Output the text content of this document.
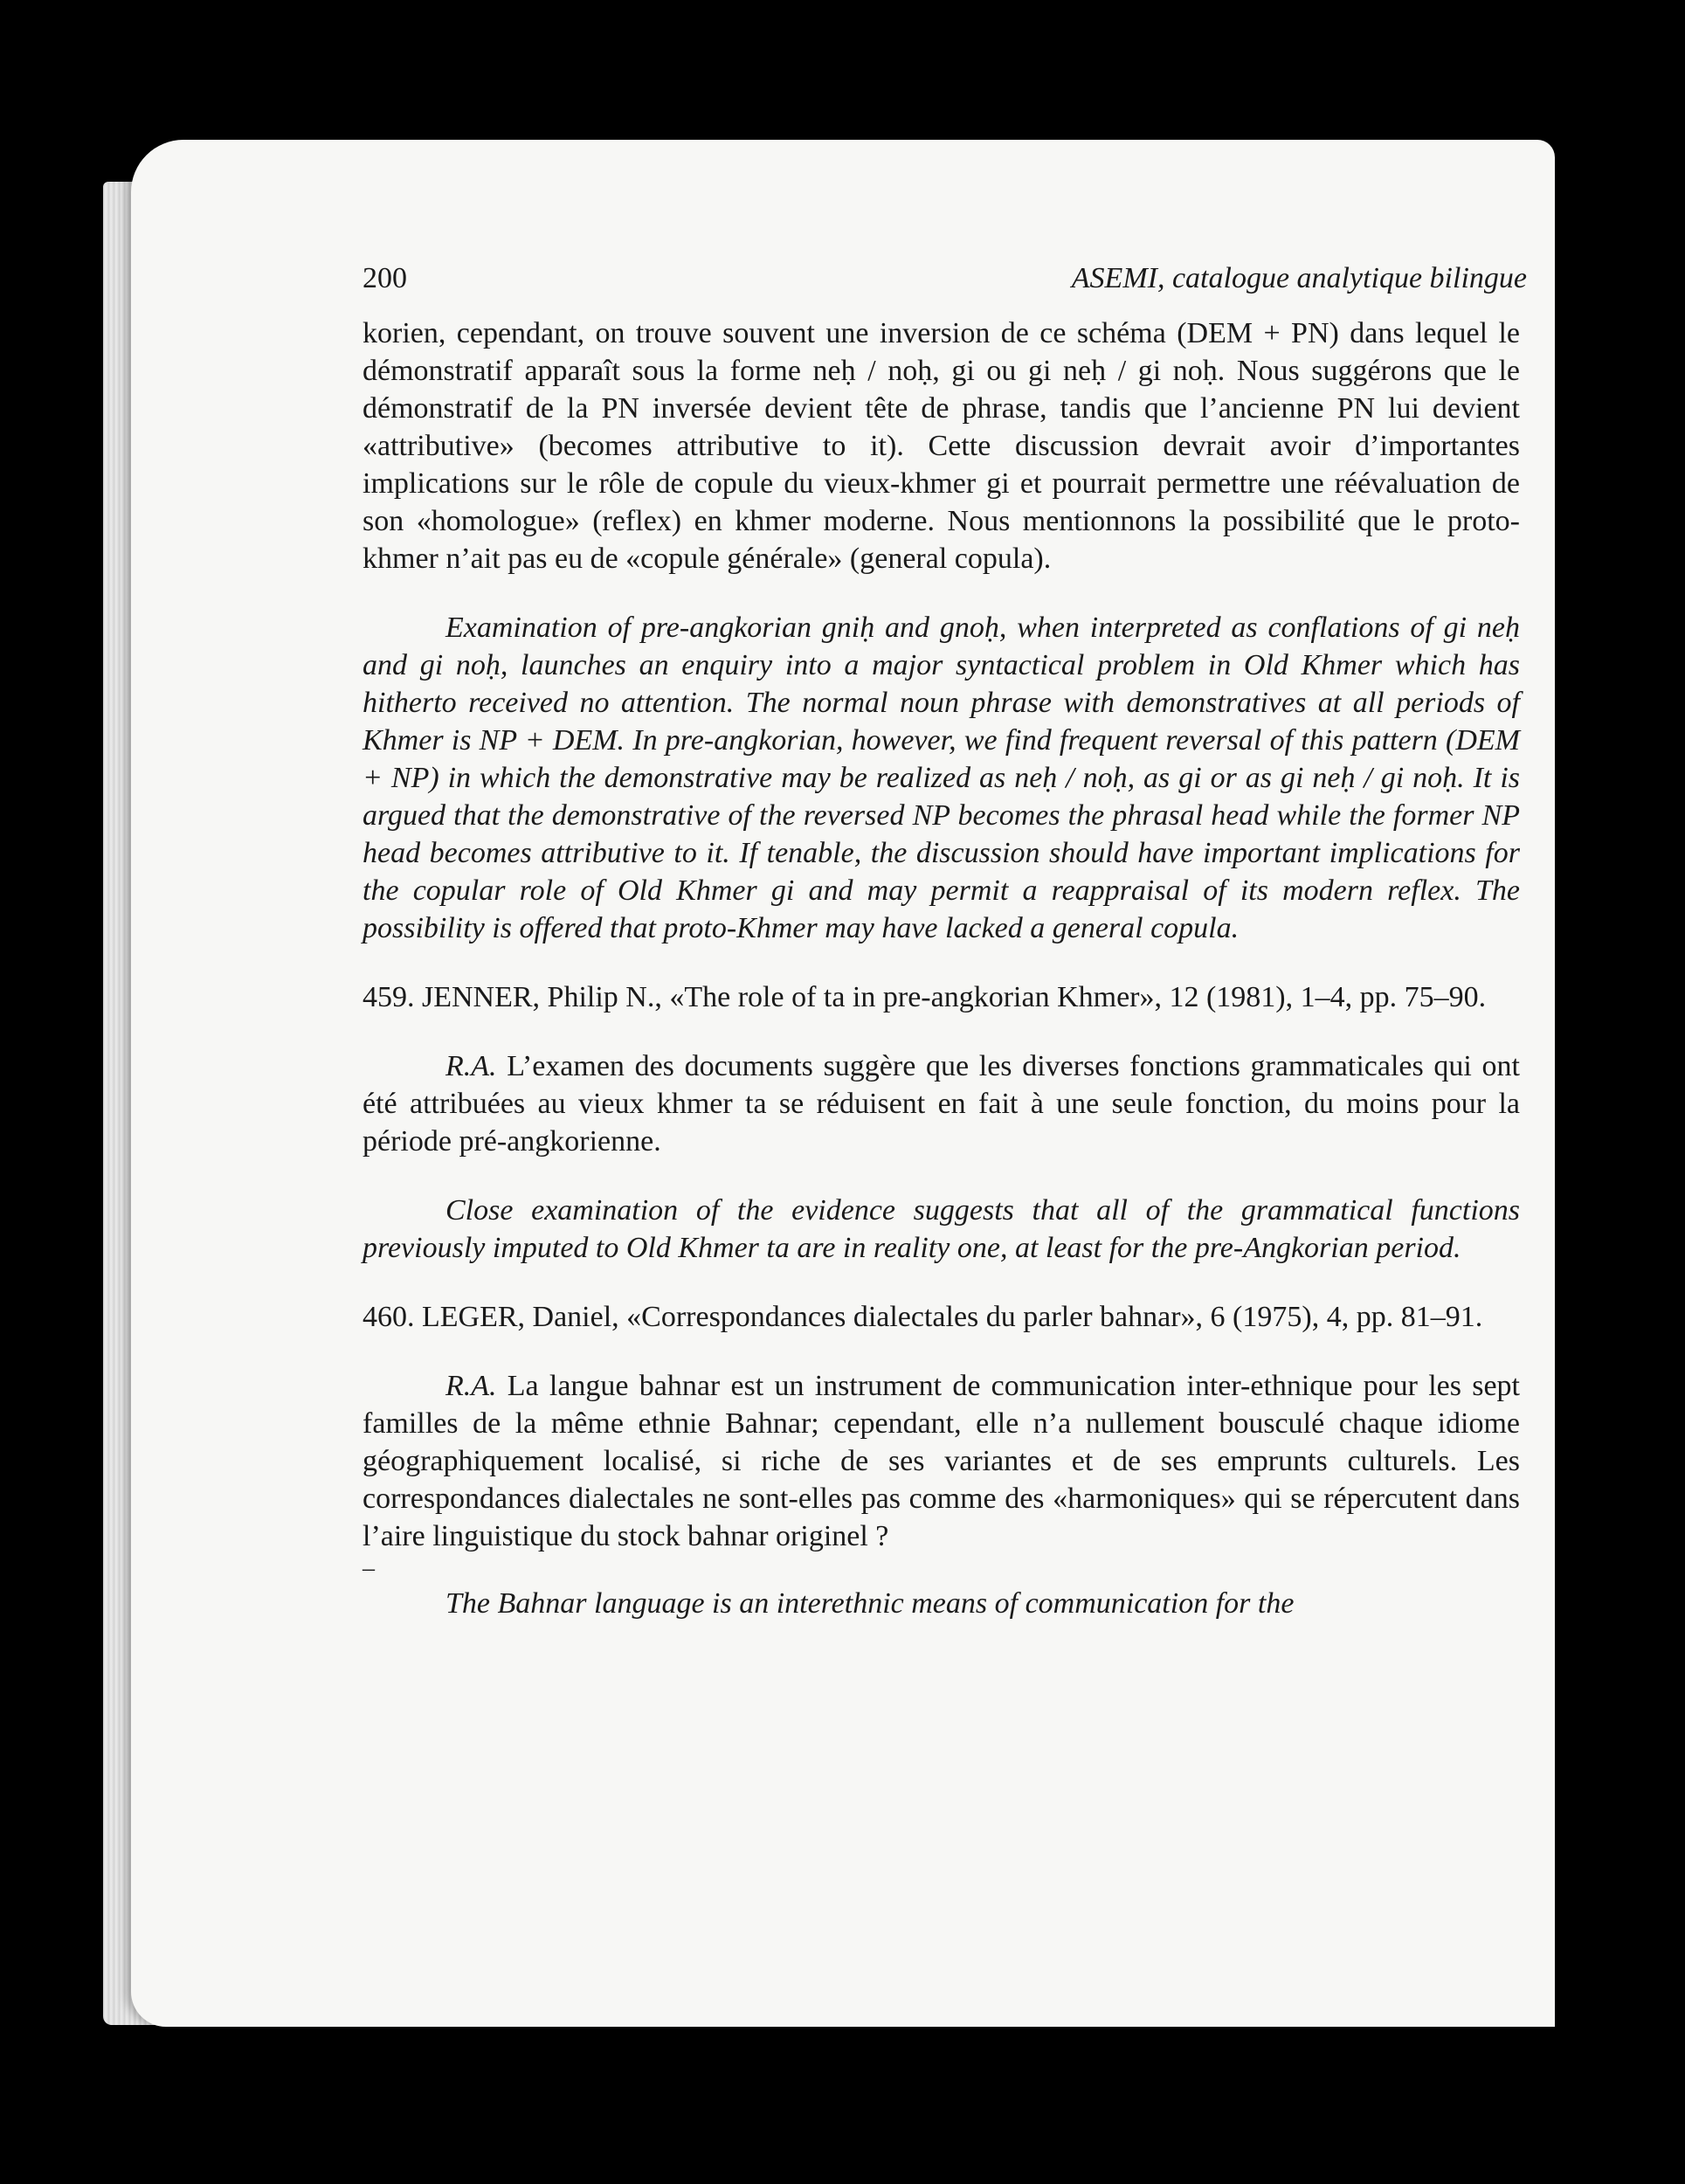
200	ASEMI, catalogue analytique bilingue

korien, cependant, on trouve souvent une inversion de ce schéma (DEM + PN) dans lequel le démonstratif apparaît sous la forme neḥ / noḥ, gi ou gi neḥ / gi noḥ. Nous suggérons que le démonstratif de la PN inversée devient tête de phrase, tandis que l’ancienne PN lui devient «attributive» (becomes attributive to it). Cette discussion devrait avoir d’importantes implications sur le rôle de copule du vieux-khmer gi et pourrait permettre une réévaluation de son «homologue» (reflex) en khmer moderne. Nous mentionnons la possibilité que le proto-khmer n’ait pas eu de «copule générale» (general copula).

Examination of pre-angkorian gniḥ and gnoḥ, when interpreted as conflations of gi neḥ and gi noḥ, launches an enquiry into a major syntactical problem in Old Khmer which has hitherto received no attention. The normal noun phrase with demonstratives at all periods of Khmer is NP + DEM. In pre-angkorian, however, we find frequent reversal of this pattern (DEM + NP) in which the demonstrative may be realized as neḥ / noḥ, as gi or as gi neḥ / gi noḥ. It is argued that the demonstrative of the reversed NP becomes the phrasal head while the former NP head becomes attributive to it. If tenable, the discussion should have important implications for the copular role of Old Khmer gi and may permit a reappraisal of its modern reflex. The possibility is offered that proto-Khmer may have lacked a general copula.

459. JENNER, Philip N., «The role of ta in pre-angkorian Khmer», 12 (1981), 1–4, pp. 75–90.

R.A. L’examen des documents suggère que les diverses fonctions grammaticales qui ont été attribuées au vieux khmer ta se réduisent en fait à une seule fonction, du moins pour la période pré-angkorienne.

Close examination of the evidence suggests that all of the grammatical functions previously imputed to Old Khmer ta are in reality one, at least for the pre-Angkorian period.

460. LEGER, Daniel, «Correspondances dialectales du parler bahnar», 6 (1975), 4, pp. 81–91.

R.A. La langue bahnar est un instrument de communication inter-ethnique pour les sept familles de la même ethnie Bahnar; cependant, elle n’a nullement bousculé chaque idiome géographiquement localisé, si riche de ses variantes et de ses emprunts culturels. Les correspondances dialectales ne sont-elles pas comme des «harmoniques» qui se répercutent dans l’aire linguistique du stock bahnar originel ?

–

The Bahnar language is an interethnic means of communication for the
